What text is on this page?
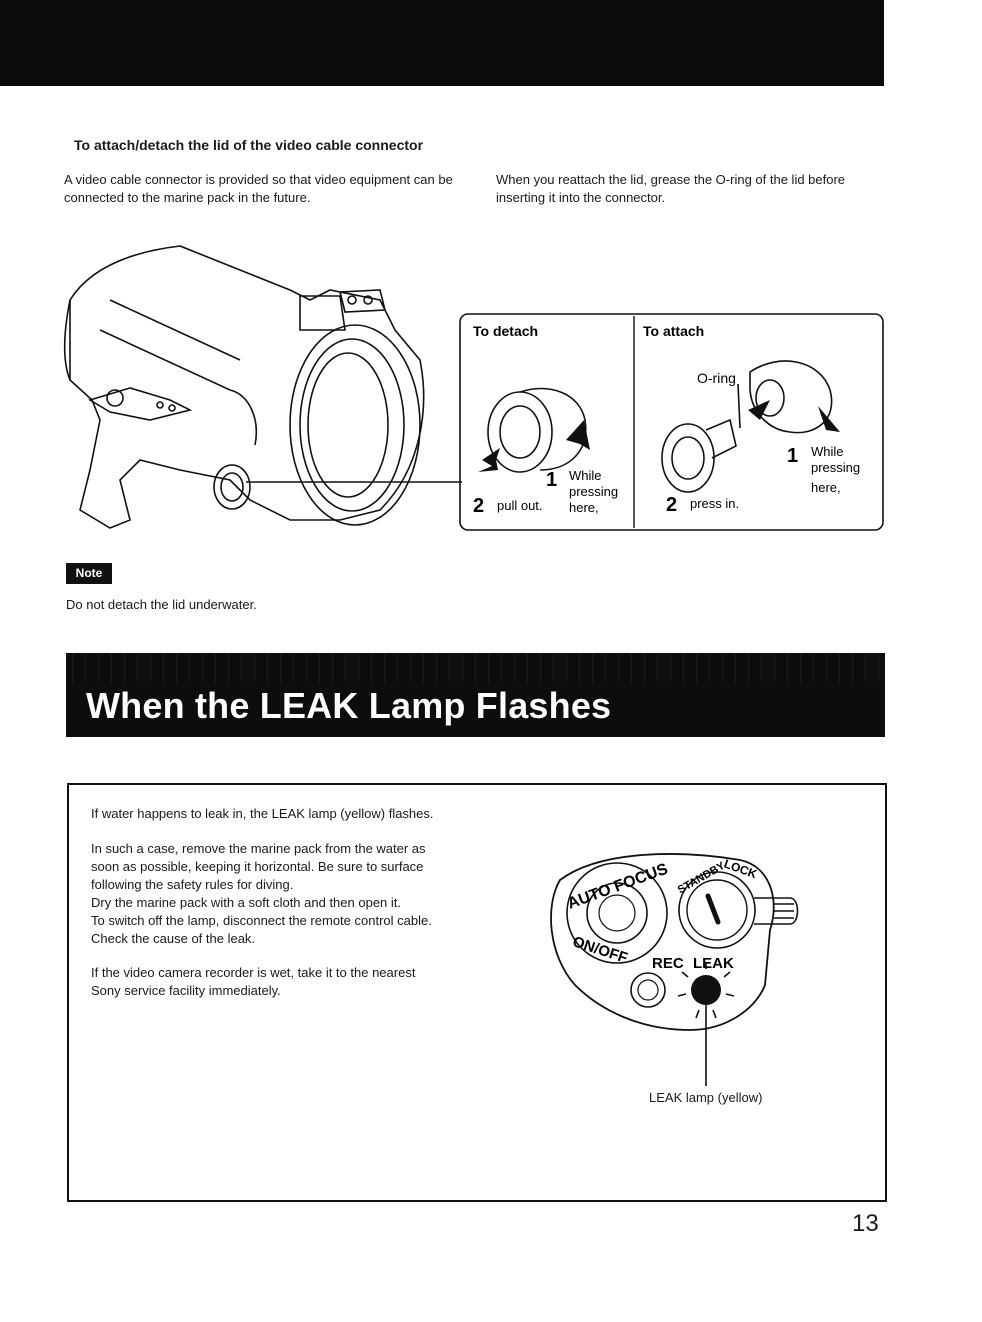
To attach/detach the lid of the video cable connector
A video cable connector is provided so that video equipment can be connected to the marine pack in the future.
When you reattach the lid, grease the O-ring of the lid before inserting it into the connector.
To detach
1 While
pressing
here,
2 pull out.
To attach
O-ring
1 While
pressing
here,
2 press in.
Note
Do not detach the lid underwater.
When the LEAK Lamp Flashes
If water happens to leak in, the LEAK lamp (yellow) flashes.
In such a case, remove the marine pack from the water as
soon as possible, keeping it horizontal. Be sure to surface
following the safety rules for diving.
Dry the marine pack with a soft cloth and then open it.
To switch off the lamp, disconnect the remote control cable.
Check the cause of the leak.
If the video camera recorder is wet, take it to the nearest
Sony service facility immediately.
AUTO FOCUS
ON/OFF
STANDBY
LOCK
REC LEAK
LEAK lamp (yellow)
13
